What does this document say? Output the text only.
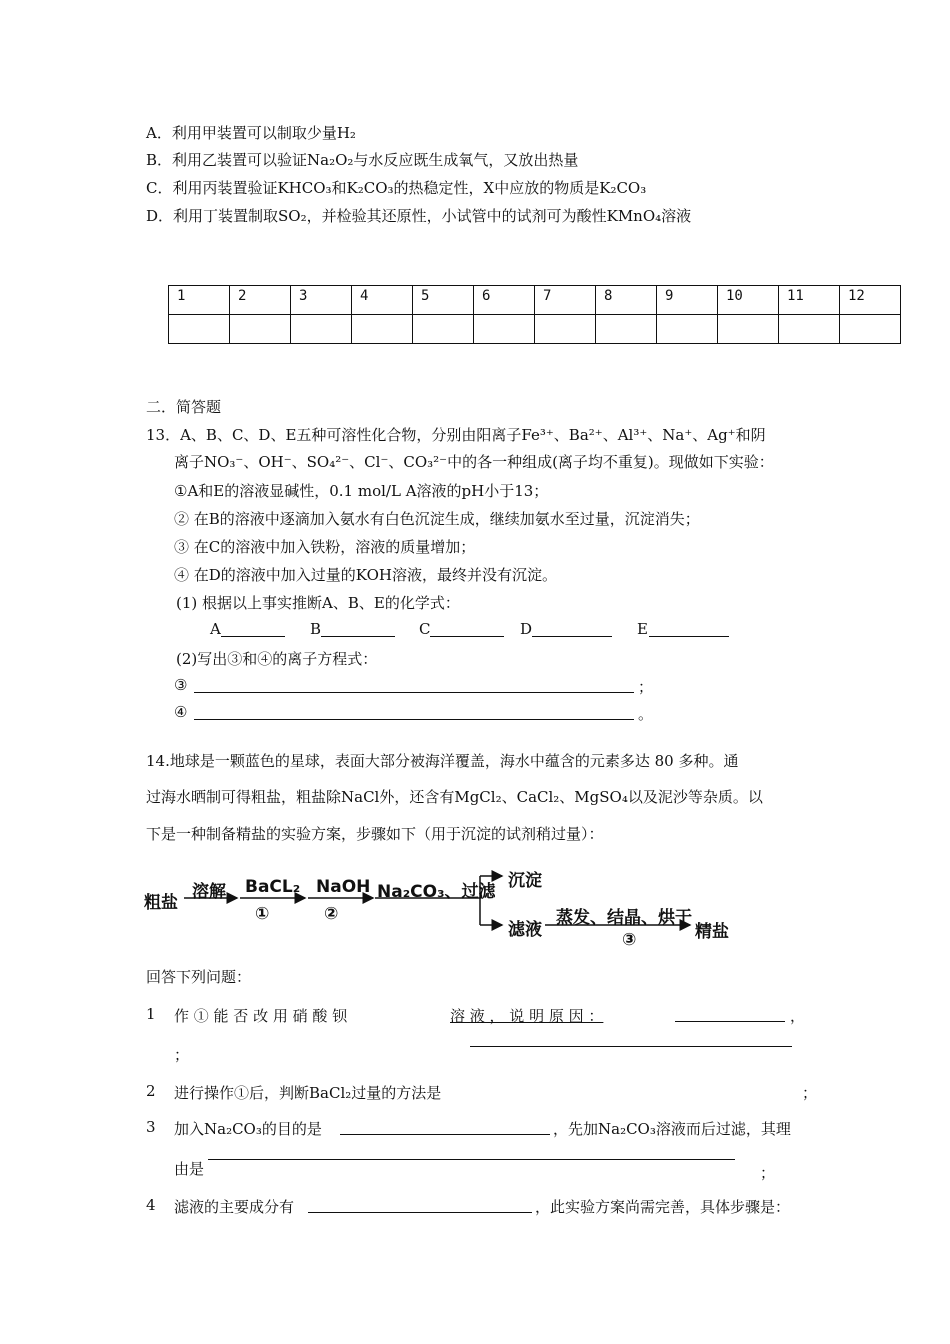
A．利用甲装置可以制取少量H₂
B．利用乙装置可以验证Na₂O₂与水反应既生成氧气，又放出热量
C．利用丙装置验证KHCO₃和K₂CO₃的热稳定性，X中应放的物质是K₂CO₃
D．利用丁装置制取SO₂，并检验其还原性，小试管中的试剂可为酸性KMnO₄溶液
1	2	3	4	5	6	7	8	9	10	11	12

二．简答题
13．A、B、C、D、E五种可溶性化合物，分别由阳离子Fe³⁺、Ba²⁺、Al³⁺、Na⁺、Ag⁺和阴
离子NO₃⁻、OH⁻、SO₄²⁻、Cl⁻、CO₃²⁻中的各一种组成(离子均不重复)。现做如下实验：
①A和E的溶液显碱性，0.1 mol/L A溶液的pH小于13；
② 在B的溶液中逐滴加入氨水有白色沉淀生成，继续加氨水至过量，沉淀消失；
③ 在C的溶液中加入铁粉，溶液的质量增加；
④ 在D的溶液中加入过量的KOH溶液，最终并没有沉淀。
(1) 根据以上事实推断A、B、E的化学式：
A	B	C	D	E
(2)写出③和④的离子方程式：
③	；
④	。
14.地球是一颗蓝色的星球，表面大部分被海洋覆盖，海水中蕴含的元素多达 80 多种。通
过海水晒制可得粗盐，粗盐除NaCl外，还含有MgCl₂、CaCl₂、MgSO₄以及泥沙等杂质。以
下是一种制备精盐的实验方案，步骤如下（用于沉淀的试剂稍过量）：
粗盐
溶解 BaCL₂
①
NaOH
②
Na₂CO₃、过滤
沉淀
滤液
蒸发、结晶、烘干
③	精盐
回答下列问题：
1 作 ① 能 否 改 用 硝 酸 钡	溶 液 ， 说 明 原 因 ：	，
；
2 进行操作①后，判断BaCl₂过量的方法是	；
3 加入Na₂CO₃的目的是	，先加Na₂CO₃溶液而后过滤，其理
由是	；
4 滤液的主要成分有	，此实验方案尚需完善，具体步骤是：
